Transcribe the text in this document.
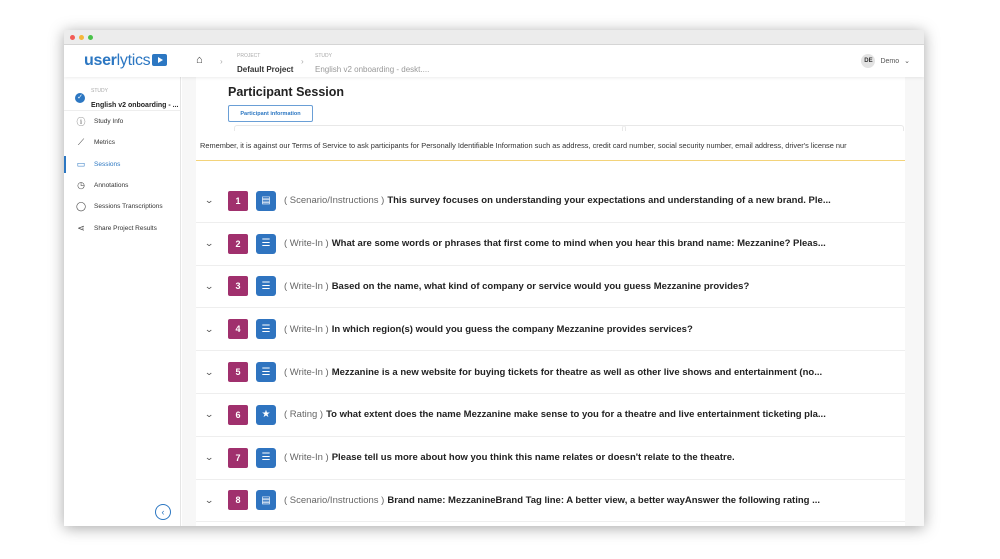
userlytics	⌂ ›
PROJECT
Default Project
›
STUDY
English v2 onboarding - deskt....
DE	Demo ⌄
✓
STUDY
English v2 onboarding - ...
ⓘ Study Info
⟋ Metrics
▭ Sessions
◷ Annotations
◯ Sessions Transcriptions
⋖ Share Project Results
‹
Participant Session
Participant information
Remember, it is against our Terms of Service to ask participants for Personally Identifiable Information such as address, credit card number, social security number, email address, driver's license nur
⌄	1	▤	( Scenario/Instructions ) This survey focuses on understanding your expectations and understanding of a new brand. Ple...
⌄	2	☰	( Write-In ) What are some words or phrases that first come to mind when you hear this brand name: Mezzanine? Pleas...
⌄	3	☰	( Write-In ) Based on the name, what kind of company or service would you guess Mezzanine provides?
⌄	4	☰	( Write-In ) In which region(s) would you guess the company Mezzanine provides services?
⌄	5	☰	( Write-In ) Mezzanine is a new website for buying tickets for theatre as well as other live shows and entertainment (no...
⌄	6	★	( Rating ) To what extent does the name Mezzanine make sense to you for a theatre and live entertainment ticketing pla...
⌄	7	☰	( Write-In ) Please tell us more about how you think this name relates or doesn't relate to the theatre.
⌄	8	▤	( Scenario/Instructions ) Brand name: MezzanineBrand Tag line: A better view, a better wayAnswer the following rating ...
